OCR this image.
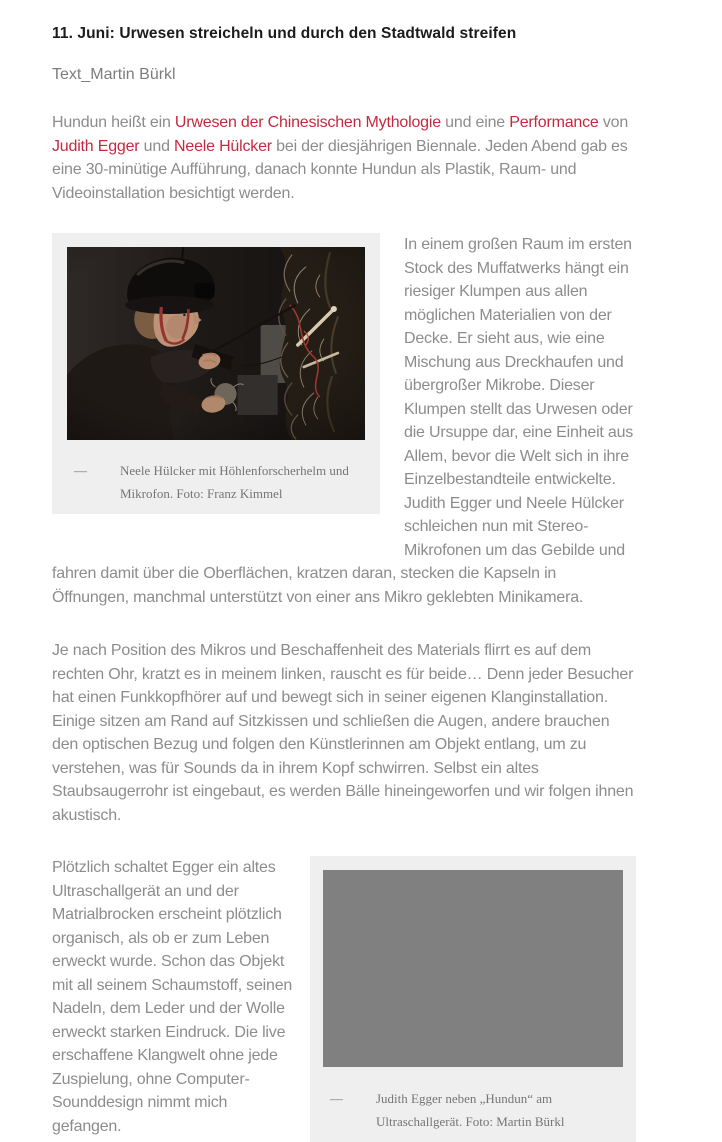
11. Juni: Urwesen streicheln und durch den Stadtwald streifen

Text_Martin Bürkl

Hundun heißt ein Urwesen der Chinesischen Mythologie und eine Performance von Judith Egger und Neele Hülcker bei der diesjährigen Biennale. Jeden Abend gab es eine 30-minütige Aufführung, danach konnte Hundun als Plastik, Raum- und Videoinstallation besichtigt werden.

—	Neele Hülcker mit Höhlenforscherhelm und Mikrofon. Foto: Franz Kimmel

In einem großen Raum im ersten Stock des Muffatwerks hängt ein riesiger Klumpen aus allen möglichen Materialien von der Decke. Er sieht aus, wie eine Mischung aus Dreckhaufen und übergroßer Mikrobe. Dieser Klumpen stellt das Urwesen oder die Ursuppe dar, eine Einheit aus Allem, bevor die Welt sich in ihre Einzelbestandteile entwickelte. Judith Egger und Neele Hülcker schleichen nun mit Stereo-Mikrofonen um das Gebilde und fahren damit über die Oberflächen, kratzen daran, stecken die Kapseln in Öffnungen, manchmal unterstützt von einer ans Mikro geklebten Minikamera.

Je nach Position des Mikros und Beschaffenheit des Materials flirrt es auf dem rechten Ohr, kratzt es in meinem linken, rauscht es für beide… Denn jeder Besucher hat einen Funkkopfhörer auf und bewegt sich in seiner eigenen Klanginstallation. Einige sitzen am Rand auf Sitzkissen und schließen die Augen, andere brauchen den optischen Bezug und folgen den Künstlerinnen am Objekt entlang, um zu verstehen, was für Sounds da in ihrem Kopf schwirren. Selbst ein altes Staubsaugerrohr ist eingebaut, es werden Bälle hineingeworfen und wir folgen ihnen akustisch.

—	Judith Egger neben „Hundun“ am Ultraschallgerät. Foto: Martin Bürkl

Plötzlich schaltet Egger ein altes Ultraschallgerät an und der Matrialbrocken erscheint plötzlich organisch, als ob er zum Leben erweckt wurde. Schon das Objekt mit all seinem Schaumstoff, seinen Nadeln, dem Leder und der Wolle erweckt starken Eindruck. Die live erschaffene Klangwelt ohne jede Zuspielung, ohne Computer-Sounddesign nimmt mich gefangen.
